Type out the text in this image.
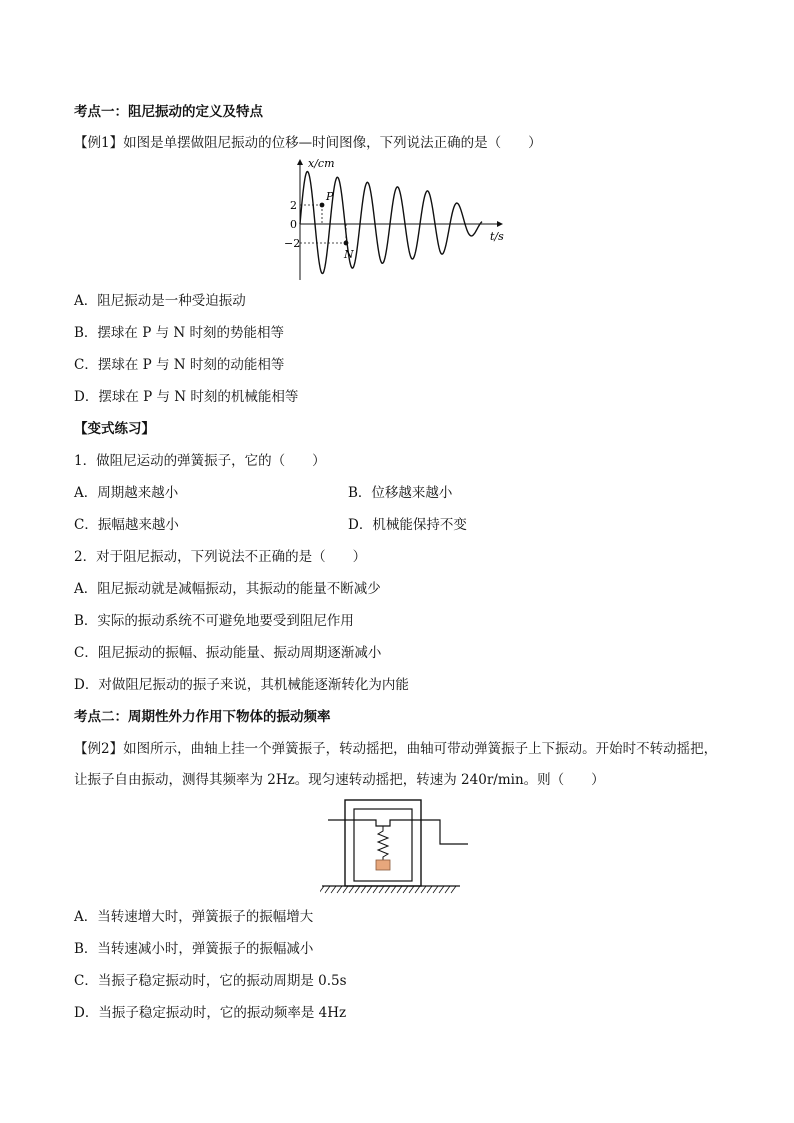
考点一：阻尼振动的定义及特点
【例1】如图是单摆做阻尼振动的位移—时间图像，下列说法正确的是（　　）
x/cm
t/s
2
0
−2
P
N
A．阻尼振动是一种受迫振动
B．摆球在 P 与 N 时刻的势能相等
C．摆球在 P 与 N 时刻的动能相等
D．摆球在 P 与 N 时刻的机械能相等
【变式练习】
1．做阻尼运动的弹簧振子，它的（　　）
A．周期越来越小	B．位移越来越小
C．振幅越来越小	D．机械能保持不变
2．对于阻尼振动，下列说法不正确的是（　　）
A．阻尼振动就是减幅振动，其振动的能量不断减少
B．实际的振动系统不可避免地要受到阻尼作用
C．阻尼振动的振幅、振动能量、振动周期逐渐减小
D．对做阻尼振动的振子来说，其机械能逐渐转化为内能
考点二：周期性外力作用下物体的振动频率
【例2】如图所示，曲轴上挂一个弹簧振子，转动摇把，曲轴可带动弹簧振子上下振动。开始时不转动摇把，
让振子自由振动，测得其频率为 2Hz。现匀速转动摇把，转速为 240r/min。则（　　）
A．当转速增大时，弹簧振子的振幅增大
B．当转速减小时，弹簧振子的振幅减小
C．当振子稳定振动时，它的振动周期是 0.5s
D．当振子稳定振动时，它的振动频率是 4Hz
